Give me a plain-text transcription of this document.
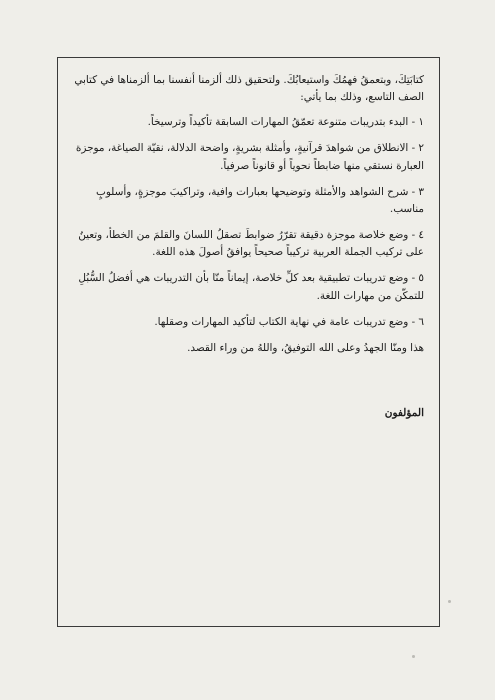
كتابَتِكَ، وبتعمقُ فهمُكَ واستيعابُكَ. ولتحقيق ذلك ألزمنا أنفسنا بما ألزمناها في كتابي الصف التاسع، وذلك بما يأتي:

١ - البدء بتدريبات متنوعة تعمّقُ المهارات السابقة تأكيداً وترسيخاً.

٢ - الانطلاق من شواهدَ قرآنيةٍ، وأمثلة بشريةٍ، واضحة الدلالة، نقيّة الصياغة، موجزة العبارة نستقي منها ضابطاً نحوياً أو قانوناً صرفياً.

٣ - شرح الشواهد والأمثلة وتوضيحها بعبارات وافية، وتراكيبَ موجزةٍ، وأسلوبٍ مناسب.

٤ - وضع خلاصة موجزة دقيقة تقرّرُ ضوابطَ تصقلُ اللسانَ والقلمَ من الخطأ، وتعينُ على تركيب الجملة العربية تركيباً صحيحاً يوافقُ أصولَ هذه اللغة.

٥ - وضع تدريبات تطبيقية بعد كلِّ خلاصة، إيماناً منّا بأن التدريبات هي أفضلُ السُّبُلِ للتمكّن من مهارات اللغة.

٦ - وضع تدريبات عامة في نهاية الكتاب لتأكيد المهارات وصقلها.

هذا ومنّا الجهدُ وعلى الله التوفيقُ، واللهُ من وراء القصد.

المؤلفون
